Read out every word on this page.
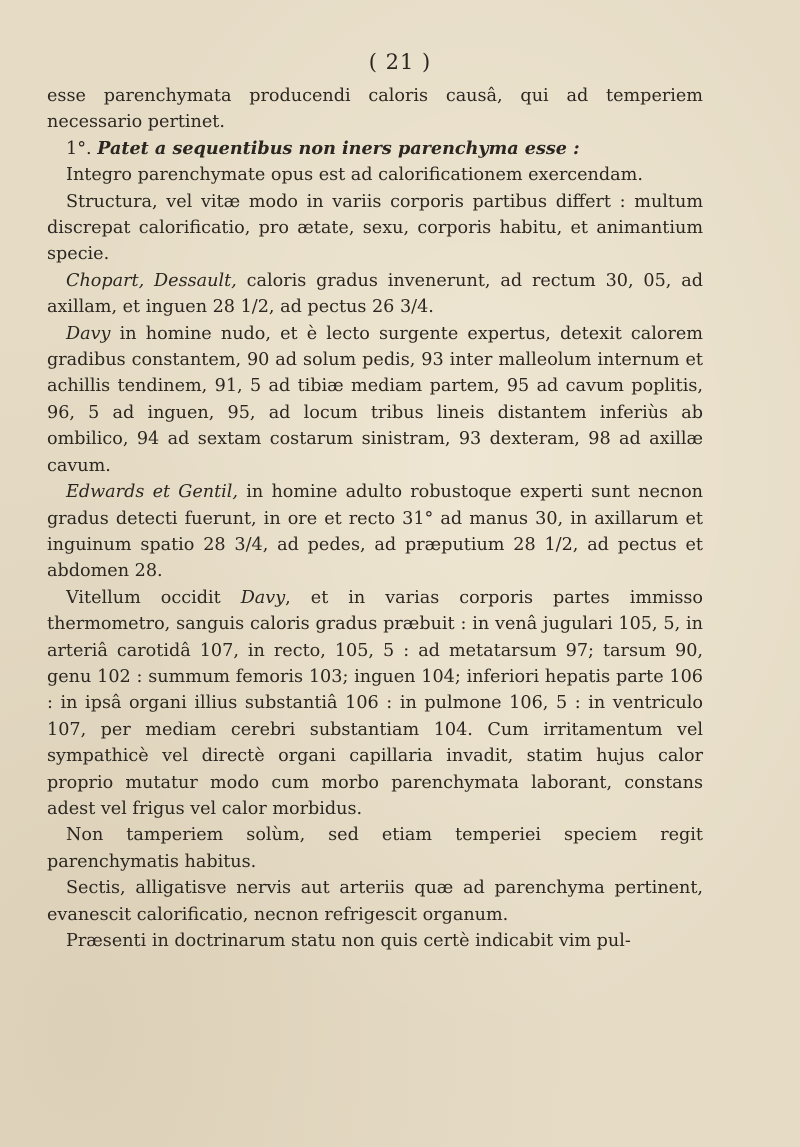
( 21 )

esse parenchymata producendi caloris causâ, qui ad temperiem necessario pertinet.

1°. Patet a sequentibus non iners parenchyma esse :

Integro parenchymate opus est ad calorificationem exercendam.

Structura, vel vitæ modo in variis corporis partibus differt : multum discrepat calorificatio, pro ætate, sexu, corporis habitu, et animantium specie.

Chopart, Dessault, caloris gradus invenerunt, ad rectum 30, 05, ad axillam, et inguen 28 1/2, ad pectus 26 3/4.

Davy in homine nudo, et è lecto surgente expertus, detexit calorem gradibus constantem, 90 ad solum pedis, 93 inter malleolum internum et achillis tendinem, 91, 5 ad tibiæ mediam partem, 95 ad cavum poplitis, 96, 5 ad inguen, 95, ad locum tribus lineis distantem inferiùs ab ombilico, 94 ad sextam costarum sinistram, 93 dexteram, 98 ad axillæ cavum.

Edwards et Gentil, in homine adulto robustoque experti sunt necnon gradus detecti fuerunt, in ore et recto 31° ad manus 30, in axillarum et inguinum spatio 28 3/4, ad pedes, ad præputium 28 1/2, ad pectus et abdomen 28.

Vitellum occidit Davy, et in varias corporis partes immisso thermometro, sanguis caloris gradus præbuit : in venâ jugulari 105, 5, in arteriâ carotidâ 107, in recto, 105, 5 : ad metatarsum 97; tarsum 90, genu 102 : summum femoris 103; inguen 104; inferiori hepatis parte 106 : in ipsâ organi illius substantiâ 106 : in pulmone 106, 5 : in ventriculo 107, per mediam cerebri substantiam 104. Cum irritamentum vel sympathicè vel directè organi capillaria invadit, statim hujus calor proprio mutatur modo cum morbo parenchymata laborant, constans adest vel frigus vel calor morbidus.

Non tamperiem solùm, sed etiam temperiei speciem regit parenchymatis habitus.

Sectis, alligatisve nervis aut arteriis quæ ad parenchyma pertinent, evanescit calorificatio, necnon refrigescit organum.

Præsenti in doctrinarum statu non quis certè indicabit vim pul-
